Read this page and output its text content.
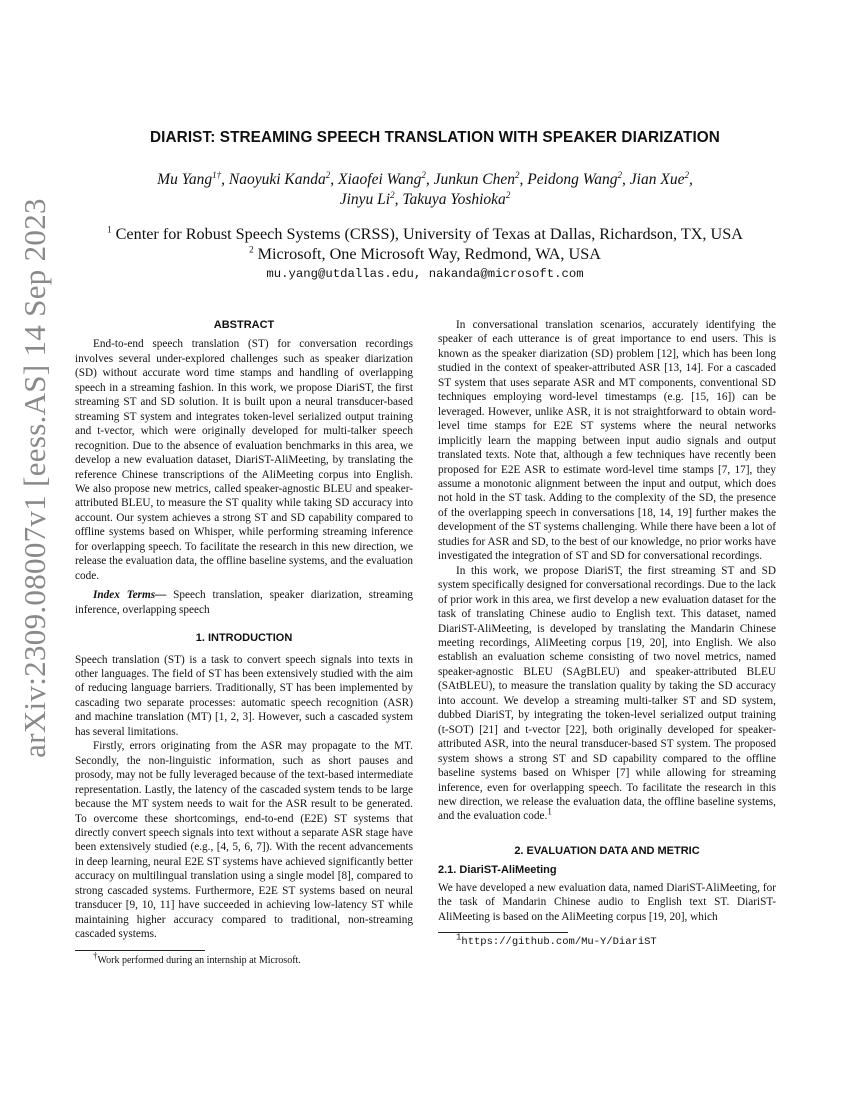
arXiv:2309.08007v1 [eess.AS] 14 Sep 2023
DIARIST: STREAMING SPEECH TRANSLATION WITH SPEAKER DIARIZATION
Mu Yang$^{1\dagger}$, Naoyuki Kanda$^2$, Xiaofei Wang$^2$, Junkun Chen$^2$, Peidong Wang$^2$, Jian Xue$^2$,
Jinyu Li$^2$, Takuya Yoshioka$^2$
$^1$ Center for Robust Speech Systems (CRSS), University of Texas at Dallas, Richardson, TX, USA
$^2$ Microsoft, One Microsoft Way, Redmond, WA, USA
mu.yang@utdallas.edu, nakanda@microsoft.com
ABSTRACT

End-to-end speech translation (ST) for conversation recordings involves several under-explored challenges such as speaker diarization (SD) without accurate word time stamps and handling of overlapping speech in a streaming fashion. In this work, we propose DiariST, the first streaming ST and SD solution. It is built upon a neural transducer-based streaming ST system and integrates token-level serialized output training and t-vector, which were originally developed for multi-talker speech recognition. Due to the absence of evaluation benchmarks in this area, we develop a new evaluation dataset, DiariST-AliMeeting, by translating the reference Chinese transcriptions of the AliMeeting corpus into English. We also propose new metrics, called speaker-agnostic BLEU and speaker-attributed BLEU, to measure the ST quality while taking SD accuracy into account. Our system achieves a strong ST and SD capability compared to offline systems based on Whisper, while performing streaming inference for overlapping speech. To facilitate the research in this new direction, we release the evaluation data, the offline baseline systems, and the evaluation code.

Index Terms— Speech translation, speaker diarization, streaming inference, overlapping speech

1. INTRODUCTION

Speech translation (ST) is a task to convert speech signals into texts in other languages. The field of ST has been extensively studied with the aim of reducing language barriers. Traditionally, ST has been implemented by cascading two separate processes: automatic speech recognition (ASR) and machine translation (MT) [1, 2, 3]. However, such a cascaded system has several limitations.

Firstly, errors originating from the ASR may propagate to the MT. Secondly, the non-linguistic information, such as short pauses and prosody, may not be fully leveraged because of the text-based intermediate representation. Lastly, the latency of the cascaded system tends to be large because the MT system needs to wait for the ASR result to be generated. To overcome these shortcomings, end-to-end (E2E) ST systems that directly convert speech signals into text without a separate ASR stage have been extensively studied (e.g., [4, 5, 6, 7]). With the recent advancements in deep learning, neural E2E ST systems have achieved significantly better accuracy on multilingual translation using a single model [8], compared to strong cascaded systems. Furthermore, E2E ST systems based on neural transducer [9, 10, 11] have succeeded in achieving low-latency ST while maintaining higher accuracy compared to traditional, non-streaming cascaded systems.

†Work performed during an internship at Microsoft.

In conversational translation scenarios, accurately identifying the speaker of each utterance is of great importance to end users. This is known as the speaker diarization (SD) problem [12], which has been long studied in the context of speaker-attributed ASR [13, 14]. For a cascaded ST system that uses separate ASR and MT components, conventional SD techniques employing word-level timestamps (e.g. [15, 16]) can be leveraged. However, unlike ASR, it is not straightforward to obtain word-level time stamps for E2E ST systems where the neural networks implicitly learn the mapping between input audio signals and output translated texts. Note that, although a few techniques have recently been proposed for E2E ASR to estimate word-level time stamps [7, 17], they assume a monotonic alignment between the input and output, which does not hold in the ST task. Adding to the complexity of the SD, the presence of the overlapping speech in conversations [18, 14, 19] further makes the development of the ST systems challenging. While there have been a lot of studies for ASR and SD, to the best of our knowledge, no prior works have investigated the integration of ST and SD for conversational recordings.

In this work, we propose DiariST, the first streaming ST and SD system specifically designed for conversational recordings. Due to the lack of prior work in this area, we first develop a new evaluation dataset for the task of translating Chinese audio to English text. This dataset, named DiariST-AliMeeting, is developed by translating the Mandarin Chinese meeting recordings, AliMeeting corpus [19, 20], into English. We also establish an evaluation scheme consisting of two novel metrics, named speaker-agnostic BLEU (SAgBLEU) and speaker-attributed BLEU (SAtBLEU), to measure the translation quality by taking the SD accuracy into account. We develop a streaming multi-talker ST and SD system, dubbed DiariST, by integrating the token-level serialized output training (t-SOT) [21] and t-vector [22], both originally developed for speaker-attributed ASR, into the neural transducer-based ST system. The proposed system shows a strong ST and SD capability compared to the offline baseline systems based on Whisper [7] while allowing for streaming inference, even for overlapping speech. To facilitate the research in this new direction, we release the evaluation data, the offline baseline systems, and the evaluation code.$^1$

2. EVALUATION DATA AND METRIC
2.1. DiariST-AliMeeting

We have developed a new evaluation data, named DiariST-AliMeeting, for the task of Mandarin Chinese audio to English text ST. DiariST-AliMeeting is based on the AliMeeting corpus [19, 20], which

$^1$https://github.com/Mu-Y/DiariST
